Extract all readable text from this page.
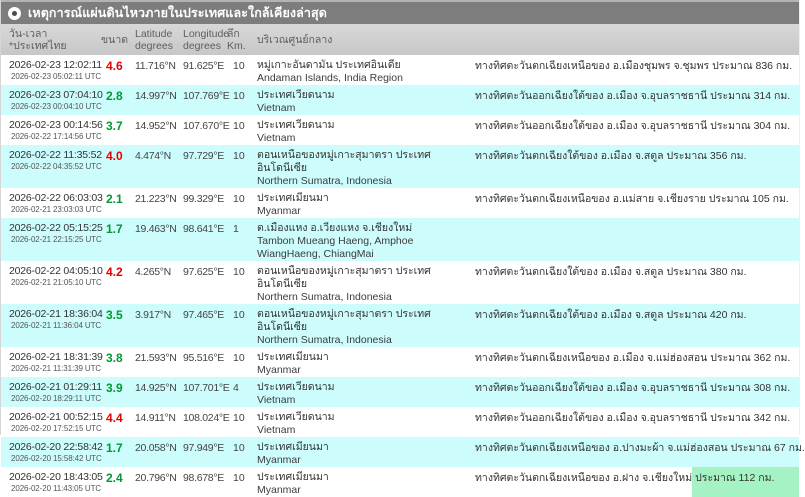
เหตุการณ์แผ่นดินไหวภายในประเทศและใกล้เคียงล่าสุด
วัน-เวลา *ประเทศไทย	ขนาด Latitude
degrees
Longitude
degrees
ลึก
Km.	บริเวณศูนย์กลาง
2026-02-23 12:02:11
2026-02-23 05:02:11 UTC
4.6	11.716°N 91.625°E 10	หมู่เกาะอันดามัน ประเทศอินเดีย
Andaman Islands, India Region
ทางทิศตะวันตกเฉียงเหนือของ อ.เมืองชุมพร จ.ชุมพร ประมาณ 836 กม.
2026-02-23 07:04:10
2026-02-23 00:04:10 UTC
2.8	14.997°N 107.769°E 10	ประเทศเวียดนาม
Vietnam
ทางทิศตะวันออกเฉียงใต้ของ อ.เมือง จ.อุบลราชธานี ประมาณ 314 กม.
2026-02-23 00:14:56
2026-02-22 17:14:56 UTC
3.7	14.952°N 107.670°E 10	ประเทศเวียดนาม
Vietnam
ทางทิศตะวันออกเฉียงใต้ของ อ.เมือง จ.อุบลราชธานี ประมาณ 304 กม.
2026-02-22 11:35:52
2026-02-22 04:35:52 UTC
4.0	4.474°N	97.729°E 10	ตอนเหนือของหมู่เกาะสุมาตรา ประเทศอินโดนีเซีย
Northern Sumatra, Indonesia
ทางทิศตะวันตกเฉียงใต้ของ อ.เมือง จ.สตูล ประมาณ 356 กม.
2026-02-22 06:03:03
2026-02-21 23:03:03 UTC
2.1	21.223°N 99.329°E 10	ประเทศเมียนมา
Myanmar
ทางทิศตะวันตกเฉียงเหนือของ อ.แม่สาย จ.เชียงราย ประมาณ 105 กม.
2026-02-22 05:15:25
2026-02-21 22:15:25 UTC
1.7	19.463°N 98.641°E 1	ต.เมืองแหง อ.เวียงแหง จ.เชียงใหม่
Tambon Mueang Haeng, Amphoe WiangHaeng, ChiangMai
2026-02-22 04:05:10
2026-02-21 21:05:10 UTC
4.2	4.265°N	97.625°E 10	ตอนเหนือของหมู่เกาะสุมาตรา ประเทศอินโดนีเซีย
Northern Sumatra, Indonesia
ทางทิศตะวันตกเฉียงใต้ของ อ.เมือง จ.สตูล ประมาณ 380 กม.
2026-02-21 18:36:04
2026-02-21 11:36:04 UTC
3.5	3.917°N	97.465°E 10	ตอนเหนือของหมู่เกาะสุมาตรา ประเทศอินโดนีเซีย
Northern Sumatra, Indonesia
ทางทิศตะวันตกเฉียงใต้ของ อ.เมือง จ.สตูล ประมาณ 420 กม.
2026-02-21 18:31:39
2026-02-21 11:31:39 UTC
3.8	21.593°N 95.516°E 10	ประเทศเมียนมา
Myanmar
ทางทิศตะวันตกเฉียงเหนือของ อ.เมือง จ.แม่ฮ่องสอน ประมาณ 362 กม.
2026-02-21 01:29:11
2026-02-20 18:29:11 UTC
3.9	14.925°N 107.701°E 4	ประเทศเวียดนาม
Vietnam
ทางทิศตะวันออกเฉียงใต้ของ อ.เมือง จ.อุบลราชธานี ประมาณ 308 กม.
2026-02-21 00:52:15
2026-02-20 17:52:15 UTC
4.4	14.911°N 108.024°E 10	ประเทศเวียดนาม
Vietnam
ทางทิศตะวันออกเฉียงใต้ของ อ.เมือง จ.อุบลราชธานี ประมาณ 342 กม.
2026-02-20 22:58:42
2026-02-20 15:58:42 UTC
1.7	20.058°N 97.949°E 10	ประเทศเมียนมา
Myanmar
ทางทิศตะวันตกเฉียงเหนือของ อ.ปางมะผ้า จ.แม่ฮ่องสอน ประมาณ 67 กม.
2026-02-20 18:43:05
2026-02-20 11:43:05 UTC
2.4	20.796°N 98.678°E 10	ประเทศเมียนมา
Myanmar
ทางทิศตะวันตกเฉียงเหนือของ อ.ฝาง จ.เชียงใหม่ ประมาณ 112 กม.
